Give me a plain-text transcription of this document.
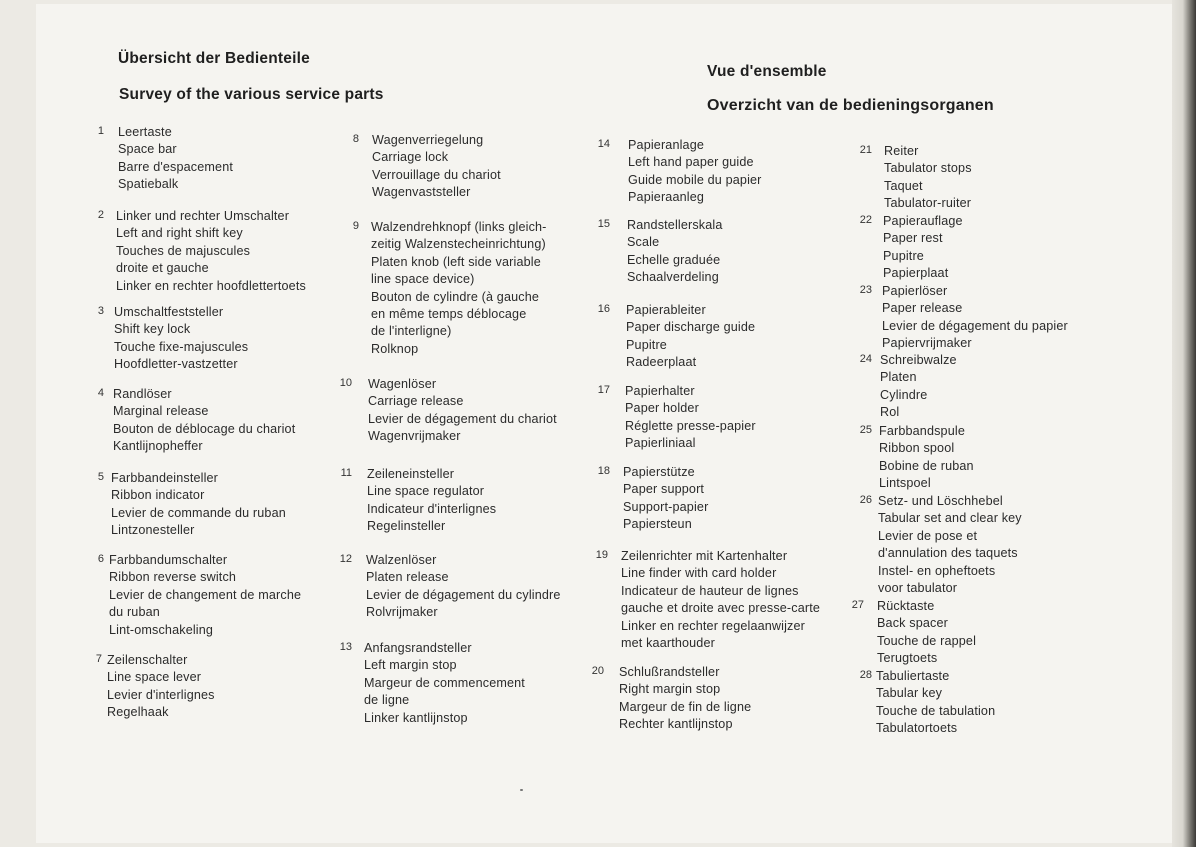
Übersicht der Bedienteile
Survey of the various service parts
Vue d'ensemble
Overzicht van de bedieningsorganen
1 Leertaste
Space bar
Barre d'espacement
Spatiebalk
2 Linker und rechter Umschalter
Left and right shift key
Touches de majuscules
droite et gauche
Linker en rechter hoofdlettertoets
3 Umschaltfeststeller
Shift key lock
Touche fixe-majuscules
Hoofdletter-vastzetter
4 Randlöser
Marginal release
Bouton de déblocage du chariot
Kantlijnopheffer
5 Farbbandeinsteller
Ribbon indicator
Levier de commande du ruban
Lintzonesteller
6 Farbbandumschalter
Ribbon reverse switch
Levier de changement de marche
du ruban
Lint-omschakeling
7 Zeilenschalter
Line space lever
Levier d'interlignes
Regelhaak
8 Wagenverriegelung
Carriage lock
Verrouillage du chariot
Wagenvaststeller
9 Walzendrehknopf (links gleich-
zeitig Walzenstecheinrichtung)
Platen knob (left side variable
line space device)
Bouton de cylindre (à gauche
en même temps déblocage
de l'interligne)
Rolknop
10 Wagenlöser
Carriage release
Levier de dégagement du chariot
Wagenvrijmaker
11 Zeileneinsteller
Line space regulator
Indicateur d'interlignes
Regelinsteller
12 Walzenlöser
Platen release
Levier de dégagement du cylindre
Rolvrijmaker
13 Anfangsrandsteller
Left margin stop
Margeur de commencement
de ligne
Linker kantlijnstop
14 Papieranlage
Left hand paper guide
Guide mobile du papier
Papieraanleg
15 Randstellerskala
Scale
Echelle graduée
Schaalverdeling
16 Papierableiter
Paper discharge guide
Pupitre
Radeerplaat
17 Papierhalter
Paper holder
Réglette presse-papier
Papierliniaal
18 Papierstütze
Paper support
Support-papier
Papiersteun
19 Zeilenrichter mit Kartenhalter
Line finder with card holder
Indicateur de hauteur de lignes
gauche et droite avec presse-carte
Linker en rechter regelaanwijzer
met kaarthouder
20 Schlußrandsteller
Right margin stop
Margeur de fin de ligne
Rechter kantlijnstop
21 Reiter
Tabulator stops
Taquet
Tabulator-ruiter
22 Papierauflage
Paper rest
Pupitre
Papierplaat
23 Papierlöser
Paper release
Levier de dégagement du papier
Papiervrijmaker
24 Schreibwalze
Platen
Cylindre
Rol
25 Farbbandspule
Ribbon spool
Bobine de ruban
Lintspoel
26 Setz- und Löschhebel
Tabular set and clear key
Levier de pose et
d'annulation des taquets
Instel- en opheftoets
voor tabulator
27 Rücktaste
Back spacer
Touche de rappel
Terugtoets
28 Tabuliertaste
Tabular key
Touche de tabulation
Tabulatortoets
